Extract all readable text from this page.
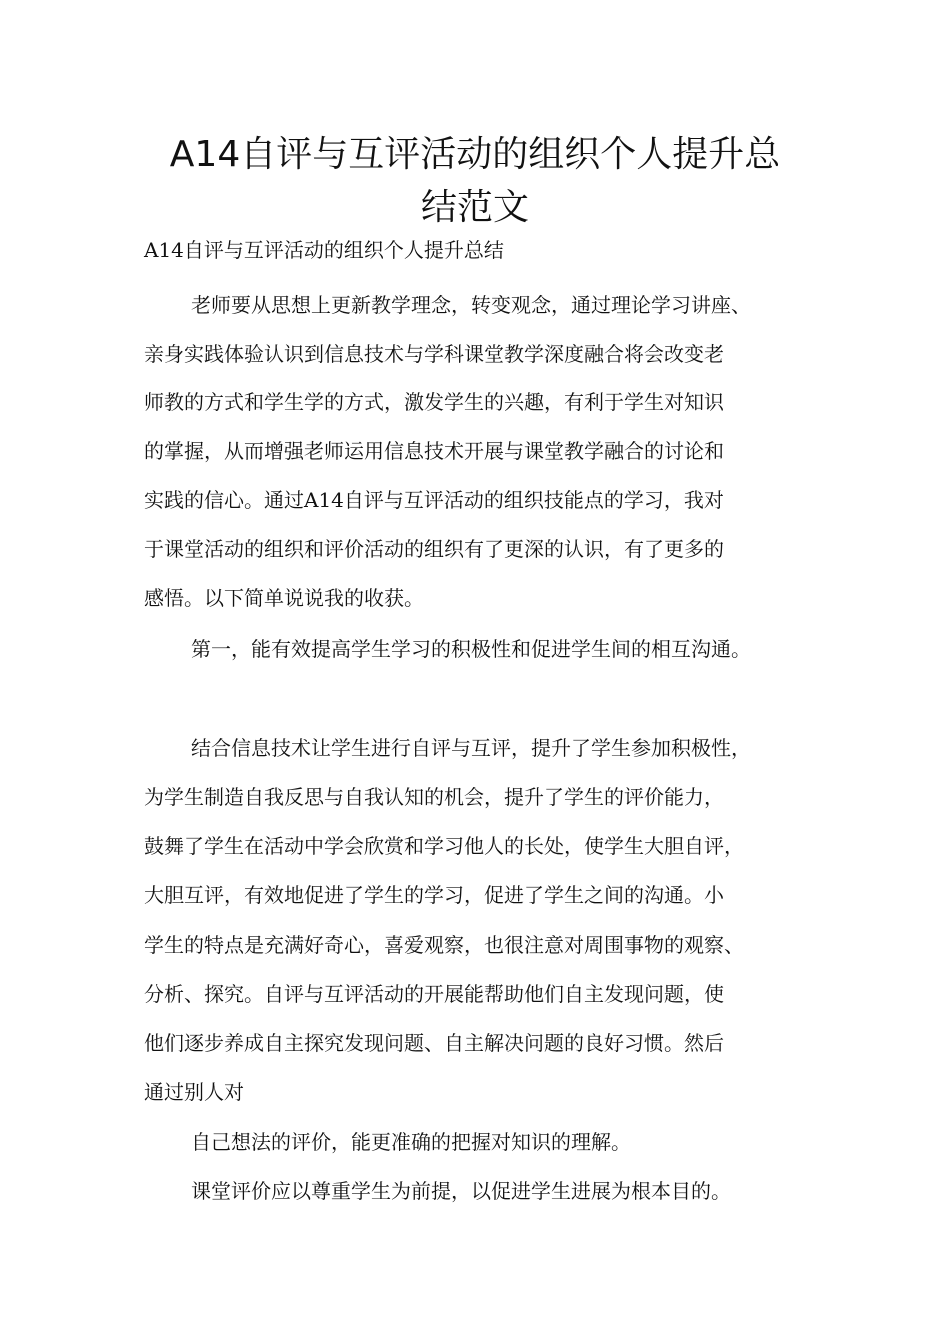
A14自评与互评活动的组织个人提升总
结范文

A14自评与互评活动的组织个人提升总结

老师要从思想上更新教学理念，转变观念，通过理论学习讲座、

亲身实践体验认识到信息技术与学科课堂教学深度融合将会改变老

师教的方式和学生学的方式，激发学生的兴趣，有利于学生对知识

的掌握，从而增强老师运用信息技术开展与课堂教学融合的讨论和

实践的信心。通过A14自评与互评活动的组织技能点的学习，我对

于课堂活动的组织和评价活动的组织有了更深的认识，有了更多的

感悟。以下简单说说我的收获。

第一，能有效提高学生学习的积极性和促进学生间的相互沟通。

结合信息技术让学生进行自评与互评，提升了学生参加积极性，

为学生制造自我反思与自我认知的机会，提升了学生的评价能力，

鼓舞了学生在活动中学会欣赏和学习他人的长处，使学生大胆自评，

大胆互评，有效地促进了学生的学习，促进了学生之间的沟通。小

学生的特点是充满好奇心，喜爱观察，也很注意对周围事物的观察、

分析、探究。自评与互评活动的开展能帮助他们自主发现问题，使

他们逐步养成自主探究发现问题、自主解决问题的良好习惯。然后

通过别人对

自己想法的评价，能更准确的把握对知识的理解。

课堂评价应以尊重学生为前提，以促进学生进展为根本目的。
